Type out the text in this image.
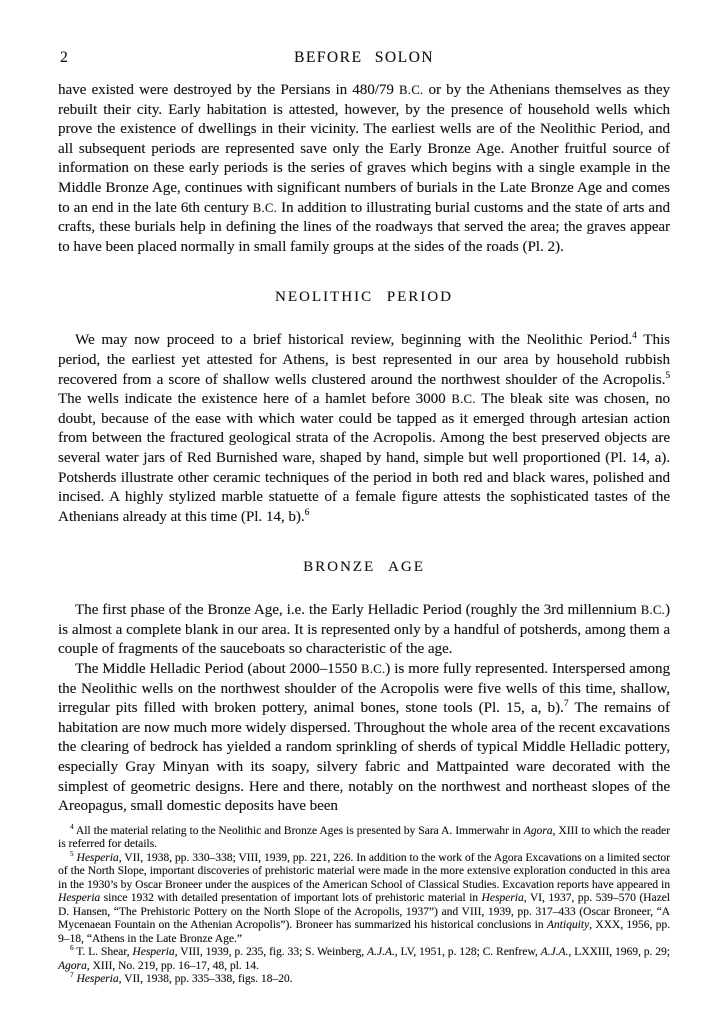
2	BEFORE SOLON

have existed were destroyed by the Persians in 480/79 B.C. or by the Athenians themselves as they rebuilt their city. Early habitation is attested, however, by the presence of household wells which prove the existence of dwellings in their vicinity. The earliest wells are of the Neolithic Period, and all subsequent periods are represented save only the Early Bronze Age. Another fruitful source of information on these early periods is the series of graves which begins with a single example in the Middle Bronze Age, continues with significant numbers of burials in the Late Bronze Age and comes to an end in the late 6th century B.C. In addition to illustrating burial customs and the state of arts and crafts, these burials help in defining the lines of the roadways that served the area; the graves appear to have been placed normally in small family groups at the sides of the roads (Pl. 2).

NEOLITHIC PERIOD

We may now proceed to a brief historical review, beginning with the Neolithic Period.$^4$ This period, the earliest yet attested for Athens, is best represented in our area by household rubbish recovered from a score of shallow wells clustered around the northwest shoulder of the Acropolis.$^5$ The wells indicate the existence here of a hamlet before 3000 B.C. The bleak site was chosen, no doubt, because of the ease with which water could be tapped as it emerged through artesian action from between the fractured geological strata of the Acropolis. Among the best preserved objects are several water jars of Red Burnished ware, shaped by hand, simple but well proportioned (Pl. 14, a). Potsherds illustrate other ceramic techniques of the period in both red and black wares, polished and incised. A highly stylized marble statuette of a female figure attests the sophisticated tastes of the Athenians already at this time (Pl. 14, b).$^6$

BRONZE AGE

The first phase of the Bronze Age, i.e. the Early Helladic Period (roughly the 3rd millennium B.C.) is almost a complete blank in our area. It is represented only by a handful of potsherds, among them a couple of fragments of the sauceboats so characteristic of the age.

The Middle Helladic Period (about 2000–1550 B.C.) is more fully represented. Interspersed among the Neolithic wells on the northwest shoulder of the Acropolis were five wells of this time, shallow, irregular pits filled with broken pottery, animal bones, stone tools (Pl. 15, a, b).$^7$ The remains of habitation are now much more widely dispersed. Throughout the whole area of the recent excavations the clearing of bedrock has yielded a random sprinkling of sherds of typical Middle Helladic pottery, especially Gray Minyan with its soapy, silvery fabric and Mattpainted ware decorated with the simplest of geometric designs. Here and there, notably on the northwest and northeast slopes of the Areopagus, small domestic deposits have been

$^4$ All the material relating to the Neolithic and Bronze Ages is presented by Sara A. Immerwahr in Agora, XIII to which the reader is referred for details.

$^5$ Hesperia, VII, 1938, pp. 330–338; VIII, 1939, pp. 221, 226. In addition to the work of the Agora Excavations on a limited sector of the North Slope, important discoveries of prehistoric material were made in the more extensive exploration conducted in this area in the 1930’s by Oscar Broneer under the auspices of the American School of Classical Studies. Excavation reports have appeared in Hesperia since 1932 with detailed presentation of important lots of prehistoric material in Hesperia, VI, 1937, pp. 539–570 (Hazel D. Hansen, “The Prehistoric Pottery on the North Slope of the Acropolis, 1937”) and VIII, 1939, pp. 317–433 (Oscar Broneer, “A Mycenaean Fountain on the Athenian Acropolis”). Broneer has summarized his historical conclusions in Antiquity, XXX, 1956, pp. 9–18, “Athens in the Late Bronze Age.”

$^6$ T. L. Shear, Hesperia, VIII, 1939, p. 235, fig. 33; S. Weinberg, A.J.A., LV, 1951, p. 128; C. Renfrew, A.J.A., LXXIII, 1969, p. 29; Agora, XIII, No. 219, pp. 16–17, 48, pl. 14.

$^7$ Hesperia, VII, 1938, pp. 335–338, figs. 18–20.
